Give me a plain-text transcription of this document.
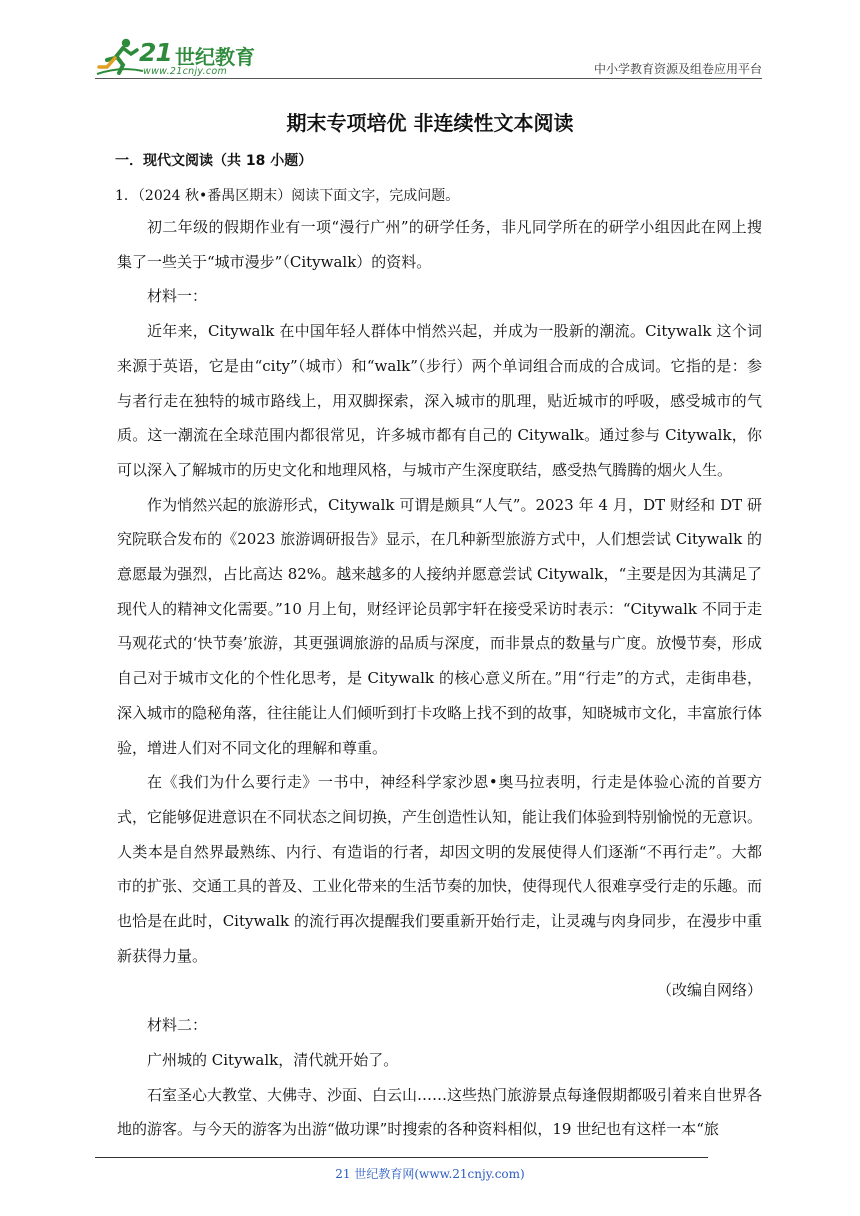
21 世纪教育
www.21cnjy.com	中小学教育资源及组卷应用平台
期末专项培优 非连续性文本阅读
一．现代文阅读（共 18 小题）
1．（2024 秋•番禺区期末）阅读下面文字，完成问题。

初二年级的假期作业有一项“漫行广州”的研学任务，非凡同学所在的研学小组因此在网上搜集了一些关于“城市漫步”（Citywalk）的资料。

材料一：

近年来，Citywalk 在中国年轻人群体中悄然兴起，并成为一股新的潮流。Citywalk 这个词来源于英语，它是由“city”（城市）和“walk”（步行）两个单词组合而成的合成词。它指的是：参与者行走在独特的城市路线上，用双脚探索，深入城市的肌理，贴近城市的呼吸，感受城市的气质。这一潮流在全球范围内都很常见，许多城市都有自己的 Citywalk。通过参与 Citywalk，你可以深入了解城市的历史文化和地理风格，与城市产生深度联结，感受热气腾腾的烟火人生。

作为悄然兴起的旅游形式，Citywalk 可谓是颇具“人气”。2023 年 4 月，DT 财经和 DT 研究院联合发布的《2023 旅游调研报告》显示，在几种新型旅游方式中，人们想尝试 Citywalk 的意愿最为强烈，占比高达 82%。越来越多的人接纳并愿意尝试 Citywalk，“主要是因为其满足了现代人的精神文化需要。”10 月上旬，财经评论员郭宇轩在接受采访时表示：“Citywalk 不同于走马观花式的‘快节奏’旅游，其更强调旅游的品质与深度，而非景点的数量与广度。放慢节奏，形成自己对于城市文化的个性化思考，是 Citywalk 的核心意义所在。”用“行走”的方式，走街串巷，深入城市的隐秘角落，往往能让人们倾听到打卡攻略上找不到的故事，知晓城市文化，丰富旅行体验，增进人们对不同文化的理解和尊重。

在《我们为什么要行走》一书中，神经科学家沙恩•奥马拉表明，行走是体验心流的首要方式，它能够促进意识在不同状态之间切换，产生创造性认知，能让我们体验到特别愉悦的无意识。人类本是自然界最熟练、内行、有造诣的行者，却因文明的发展使得人们逐渐“不再行走”。大都市的扩张、交通工具的普及、工业化带来的生活节奏的加快，使得现代人很难享受行走的乐趣。而也恰是在此时，Citywalk 的流行再次提醒我们要重新开始行走，让灵魂与肉身同步，在漫步中重新获得力量。

（改编自网络）

材料二：

广州城的 Citywalk，清代就开始了。

石室圣心大教堂、大佛寺、沙面、白云山……这些热门旅游景点每逢假期都吸引着来自世界各地的游客。与今天的游客为出游“做功课”时搜索的各种资料相似，19 世纪也有这样一本“旅

21 世纪教育网(www.21cnjy.com)
